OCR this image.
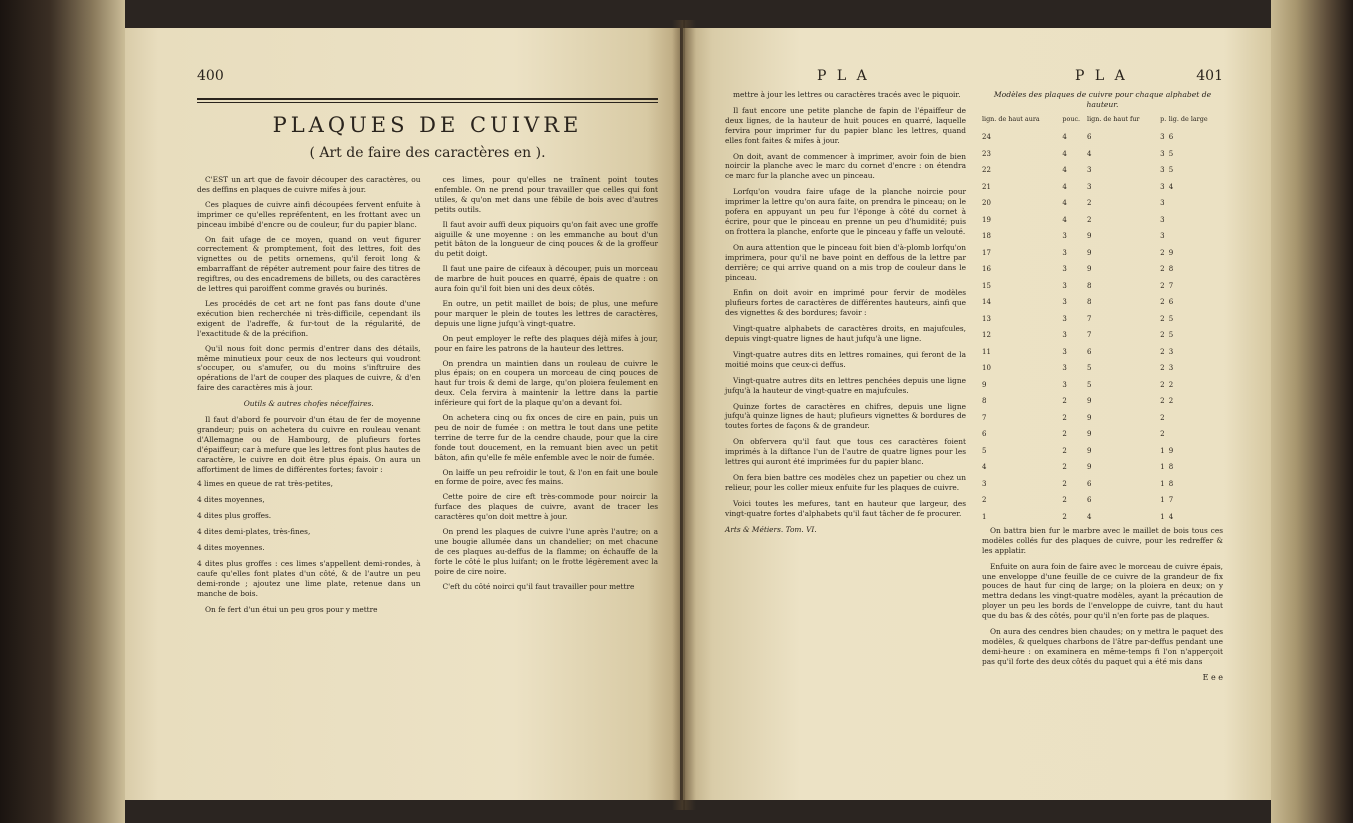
400
PLAQUES DE CUIVRE
( Art de faire des caractères en ).

C'EST un art que de favoir découper des caractères, ou des deffins en plaques de cuivre mifes à jour.

Ces plaques de cuivre ainfi découpées fervent enfuite à imprimer ce qu'elles repréfentent, en les frottant avec un pinceau imbibé d'encre ou de couleur, fur du papier blanc.

On fait ufage de ce moyen, quand on veut figurer correctement & promptement, foit des lettres, foit des vignettes ou de petits ornemens, qu'il feroit long & embarraffant de répéter autrement pour faire des titres de regiftres, ou des encadremens de billets, ou des caractères de lettres qui paroiffent comme gravés ou burinés.

Les procédés de cet art ne font pas fans doute d'une exécution bien recherchée ni très-difficile, cependant ils exigent de l'adreffe, & fur-tout de la régularité, de l'exactitude & de la précifion.

Qu'il nous foit donc permis d'entrer dans des détails, même minutieux pour ceux de nos lecteurs qui voudront s'occuper, ou s'amufer, ou du moins s'inftruire des opérations de l'art de couper des plaques de cuivre, & d'en faire des caractères mis à jour.

Outils & autres chofes néceffaires.

Il faut d'abord fe pourvoir d'un étau de fer de moyenne grandeur; puis on achetera du cuivre en rouleau venant d'Allemagne ou de Hambourg, de plufieurs fortes d'épaiffeur; car à mefure que les lettres font plus hautes de caractère, le cuivre en doit être plus épais. On aura un affortiment de limes de différentes fortes; favoir :

4 limes en queue de rat très-petites,

4 dites moyennes,

4 dites plus groffes.

4 dites demi-plates, très-fines,

4 dites moyennes.

4 dites plus groffes : ces limes s'appellent demi-rondes, à caufe qu'elles font plates d'un côté, & de l'autre un peu demi-ronde ; ajoutez une lime plate, retenue dans un manche de bois.

On fe fert d'un étui un peu gros pour y mettre

ces limes, pour qu'elles ne traînent point toutes enfemble. On ne prend pour travailler que celles qui font utiles, & qu'on met dans une fébile de bois avec d'autres petits outils.

Il faut avoir auffi deux piquoirs qu'on fait avec une groffe aiguille & une moyenne : on les emmanche au bout d'un petit bâton de la longueur de cinq pouces & de la groffeur du petit doigt.

Il faut une paire de cifeaux à découper, puis un morceau de marbre de huit pouces en quarré, épais de quatre : on aura foin qu'il foit bien uni des deux côtés.

En outre, un petit maillet de bois; de plus, une mefure pour marquer le plein de toutes les lettres de caractères, depuis une ligne jufqu'à vingt-quatre.

On peut employer le refte des plaques déjà mifes à jour, pour en faire les patrons de la hauteur des lettres.

On prendra un maintien dans un rouleau de cuivre le plus épais; on en coupera un morceau de cinq pouces de haut fur trois & demi de large, qu'on ploiera feulement en deux. Cela fervira à maintenir la lettre dans la partie inférieure qui fort de la plaque qu'on a devant foi.

On achetera cinq ou fix onces de cire en pain, puis un peu de noir de fumée : on mettra le tout dans une petite terrine de terre fur de la cendre chaude, pour que la cire fonde tout doucement, en la remuant bien avec un petit bâton, afin qu'elle fe mêle enfemble avec le noir de fumée.

On laiffe un peu refroidir le tout, & l'on en fait une boule en forme de poire, avec fes mains.

Cette poire de cire eft très-commode pour noircir la furface des plaques de cuivre, avant de tracer les caractères qu'on doit mettre à jour.

On prend les plaques de cuivre l'une après l'autre; on a une bougie allumée dans un chandelier; on met chacune de ces plaques au-deffus de la flamme; on échauffe de la forte le côté le plus luifant; on le frotte légèrement avec la poire de cire noire.

C'eft du côté noirci qu'il faut travailler pour mettre

P L A	P L A	401

mettre à jour les lettres ou caractères tracés avec le piquoir.

Il faut encore une petite planche de fapin de l'épaiffeur de deux lignes, de la hauteur de huit pouces en quarré, laquelle fervira pour imprimer fur du papier blanc les lettres, quand elles font faites & mifes à jour.

On doit, avant de commencer à imprimer, avoir foin de bien noircir la planche avec le marc du cornet d'encre : on étendra ce marc fur la planche avec un pinceau.

Lorfqu'on voudra faire ufage de la planche noircie pour imprimer la lettre qu'on aura faite, on prendra le pinceau; on le pofera en appuyant un peu fur l'éponge à côté du cornet à écrire, pour que le pinceau en prenne un peu d'humidité; puis on frottera la planche, enforte que le pinceau y faffe un velouté.

On aura attention que le pinceau foit bien d'à-plomb lorfqu'on imprimera, pour qu'il ne bave point en deffous de la lettre par derrière; ce qui arrive quand on a mis trop de couleur dans le pinceau.

Enfin on doit avoir en imprimé pour fervir de modèles plufieurs fortes de caractères de différentes hauteurs, ainfi que des vignettes & des bordures; favoir :

Vingt-quatre alphabets de caractères droits, en majufcules, depuis vingt-quatre lignes de haut jufqu'à une ligne.

Vingt-quatre autres dits en lettres romaines, qui feront de la moitié moins que ceux-ci deffus.

Vingt-quatre autres dits en lettres penchées depuis une ligne jufqu'à la hauteur de vingt-quatre en majufcules.

Quinze fortes de caractères en chifres, depuis une ligne jufqu'à quinze lignes de haut; plufieurs vignettes & bordures de toutes fortes de façons & de grandeur.

On obfervera qu'il faut que tous ces caractères foient imprimés à la diftance l'un de l'autre de quatre lignes pour les lettres qui auront été imprimées fur du papier blanc.

On fera bien battre ces modèles chez un papetier ou chez un relieur, pour les coller mieux enfuite fur les plaques de cuivre.

Voici toutes les mefures, tant en hauteur que largeur, des vingt-quatre fortes d'alphabets qu'il faut tâcher de fe procurer.

Arts & Métiers. Tom. VI.
Modèles des plaques de cuivre pour chaque alphabet de hauteur.
lign. de haut aura	pouc.	lign. de haut fur	p.	lig. de large
24	4	6	3	6
23	4	4	3	5
22	4	3	3	5
21	4	3	3	4
20	4	2	3	
19	4	2	3	
18	3	9	3	
17	3	9	2	9
16	3	9	2	8
15	3	8	2	7
14	3	8	2	6
13	3	7	2	5
12	3	7	2	5
11	3	6	2	3
10	3	5	2	3
9	3	5	2	2
8	2	9	2	2
7	2	9	2	
6	2	9	2	
5	2	9	1	9
4	2	9	1	8
3	2	6	1	8
2	2	6	1	7
1	2	4	1	4

On battra bien fur le marbre avec le maillet de bois tous ces modèles collés fur des plaques de cuivre, pour les redreffer & les applatir.

Enfuite on aura foin de faire avec le morceau de cuivre épais, une enveloppe d'une feuille de ce cuivre de la grandeur de fix pouces de haut fur cinq de large; on la ploiera en deux; on y mettra dedans les vingt-quatre modèles, ayant la précaution de ployer un peu les bords de l'enveloppe de cuivre, tant du haut que du bas & des côtés, pour qu'il n'en forte pas de plaques.

On aura des cendres bien chaudes; on y mettra le paquet des modèles, & quelques charbons de l'âtre par-deffus pendant une demi-heure : on examinera en même-temps fi l'on n'apperçoit pas qu'il forte des deux côtés du paquet qui a été mis dans

E e e
